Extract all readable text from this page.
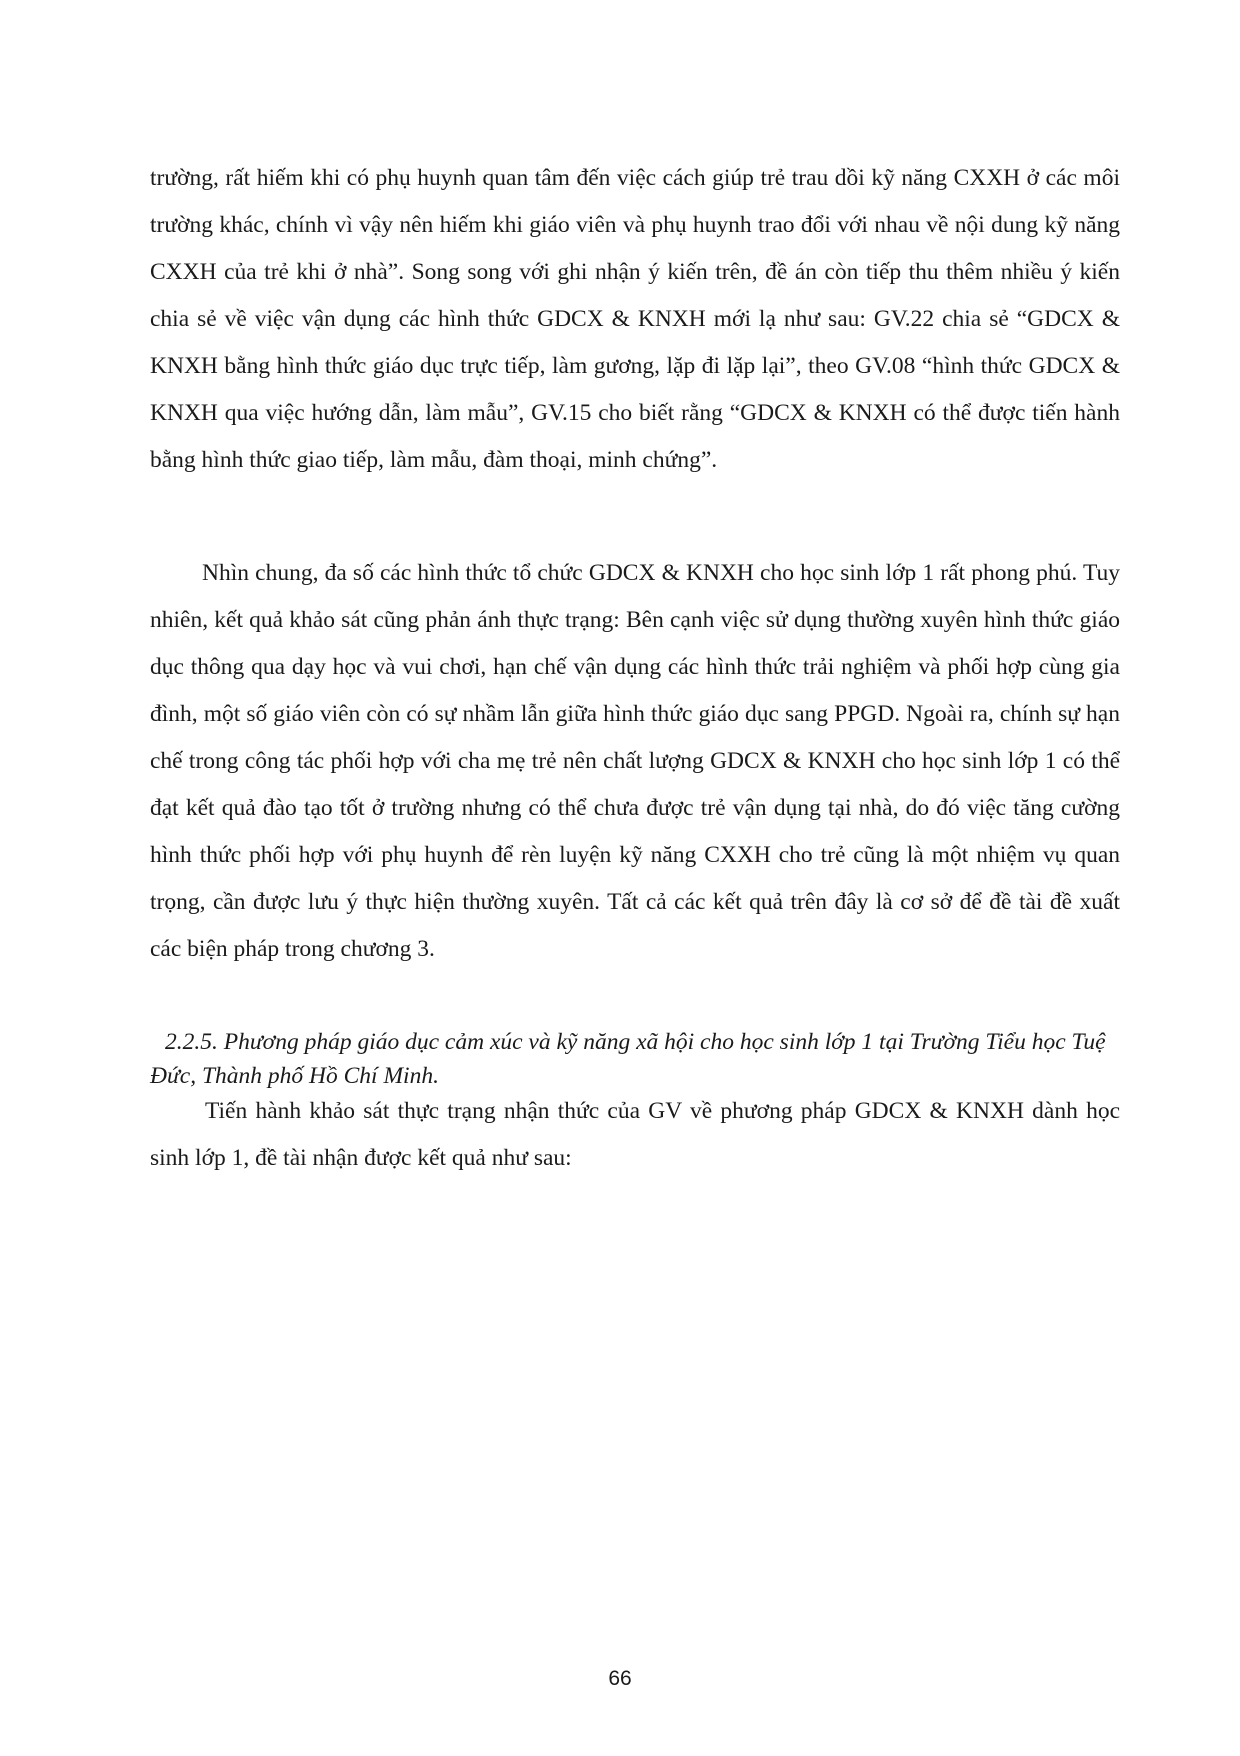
trường, rất hiếm khi có phụ huynh quan tâm đến việc cách giúp trẻ trau dồi kỹ năng CXXH ở các môi trường khác, chính vì vậy nên hiếm khi giáo viên và phụ huynh trao đổi với nhau về nội dung kỹ năng CXXH của trẻ khi ở nhà”. Song song với ghi nhận ý kiến trên, đề án còn tiếp thu thêm nhiều ý kiến chia sẻ về việc vận dụng các hình thức GDCX & KNXH mới lạ như sau: GV.22 chia sẻ “GDCX & KNXH bằng hình thức giáo dục trực tiếp, làm gương, lặp đi lặp lại”, theo GV.08 “hình thức GDCX & KNXH qua việc hướng dẫn, làm mẫu”, GV.15 cho biết rằng “GDCX & KNXH có thể được tiến hành bằng hình thức giao tiếp, làm mẫu, đàm thoại, minh chứng”.

Nhìn chung, đa số các hình thức tổ chức GDCX & KNXH cho học sinh lớp 1 rất phong phú. Tuy nhiên, kết quả khảo sát cũng phản ánh thực trạng: Bên cạnh việc sử dụng thường xuyên hình thức giáo dục thông qua dạy học và vui chơi, hạn chế vận dụng các hình thức trải nghiệm và phối hợp cùng gia đình, một số giáo viên còn có sự nhầm lẫn giữa hình thức giáo dục sang PPGD. Ngoài ra, chính sự hạn chế trong công tác phối hợp với cha mẹ trẻ nên chất lượng GDCX & KNXH cho học sinh lớp 1 có thể đạt kết quả đào tạo tốt ở trường nhưng có thể chưa được trẻ vận dụng tại nhà, do đó việc tăng cường hình thức phối hợp với phụ huynh để rèn luyện kỹ năng CXXH cho trẻ cũng là một nhiệm vụ quan trọng, cần được lưu ý thực hiện thường xuyên. Tất cả các kết quả trên đây là cơ sở để đề tài đề xuất các biện pháp trong chương 3.

2.2.5. Phương pháp giáo dục cảm xúc và kỹ năng xã hội cho học sinh lớp 1 tại Trường Tiểu học Tuệ Đức, Thành phố Hồ Chí Minh.

Tiến hành khảo sát thực trạng nhận thức của GV về phương pháp GDCX & KNXH dành học sinh lớp 1, đề tài nhận được kết quả như sau:

66
